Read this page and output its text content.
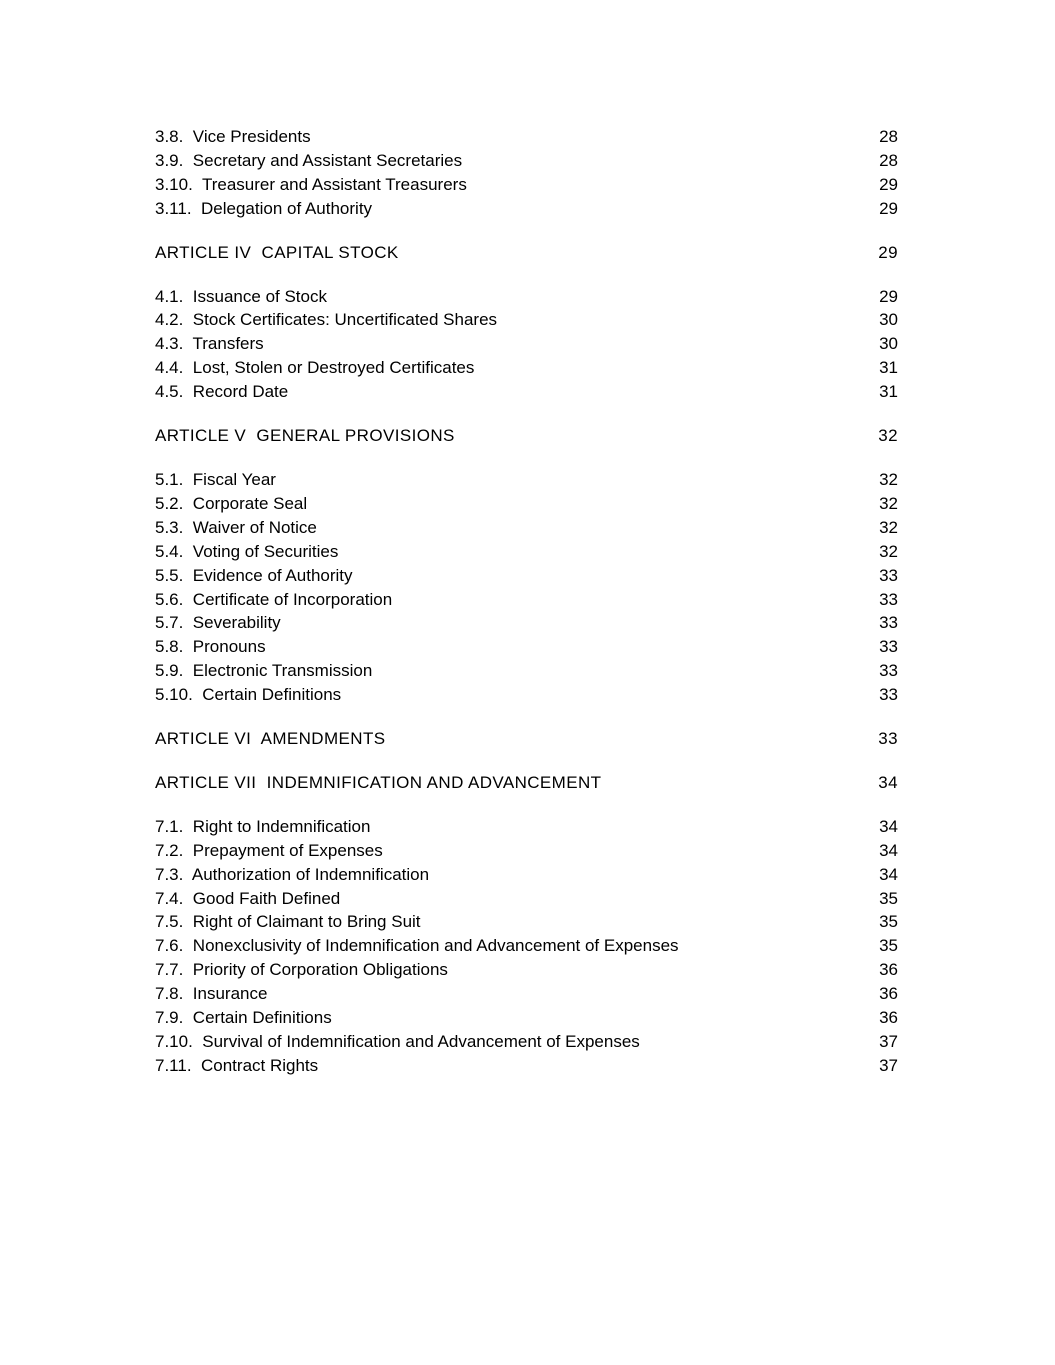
3.8.  Vice Presidents	28
3.9.  Secretary and Assistant Secretaries	28
3.10.  Treasurer and Assistant Treasurers	29
3.11.  Delegation of Authority	29
ARTICLE IV  CAPITAL STOCK	29
4.1.  Issuance of Stock	29
4.2.  Stock Certificates: Uncertificated Shares	30
4.3.  Transfers	30
4.4.  Lost, Stolen or Destroyed Certificates	31
4.5.  Record Date	31
ARTICLE V  GENERAL PROVISIONS	32
5.1.  Fiscal Year	32
5.2.  Corporate Seal	32
5.3.  Waiver of Notice	32
5.4.  Voting of Securities	32
5.5.  Evidence of Authority	33
5.6.  Certificate of Incorporation	33
5.7.  Severability	33
5.8.  Pronouns	33
5.9.  Electronic Transmission	33
5.10.  Certain Definitions	33
ARTICLE VI  AMENDMENTS	33
ARTICLE VII  INDEMNIFICATION AND ADVANCEMENT	34
7.1.  Right to Indemnification	34
7.2.  Prepayment of Expenses	34
7.3.  Authorization of Indemnification	34
7.4.  Good Faith Defined	35
7.5.  Right of Claimant to Bring Suit	35
7.6.  Nonexclusivity of Indemnification and Advancement of Expenses	35
7.7.  Priority of Corporation Obligations	36
7.8.  Insurance	36
7.9.  Certain Definitions	36
7.10.  Survival of Indemnification and Advancement of Expenses	37
7.11.  Contract Rights	37
